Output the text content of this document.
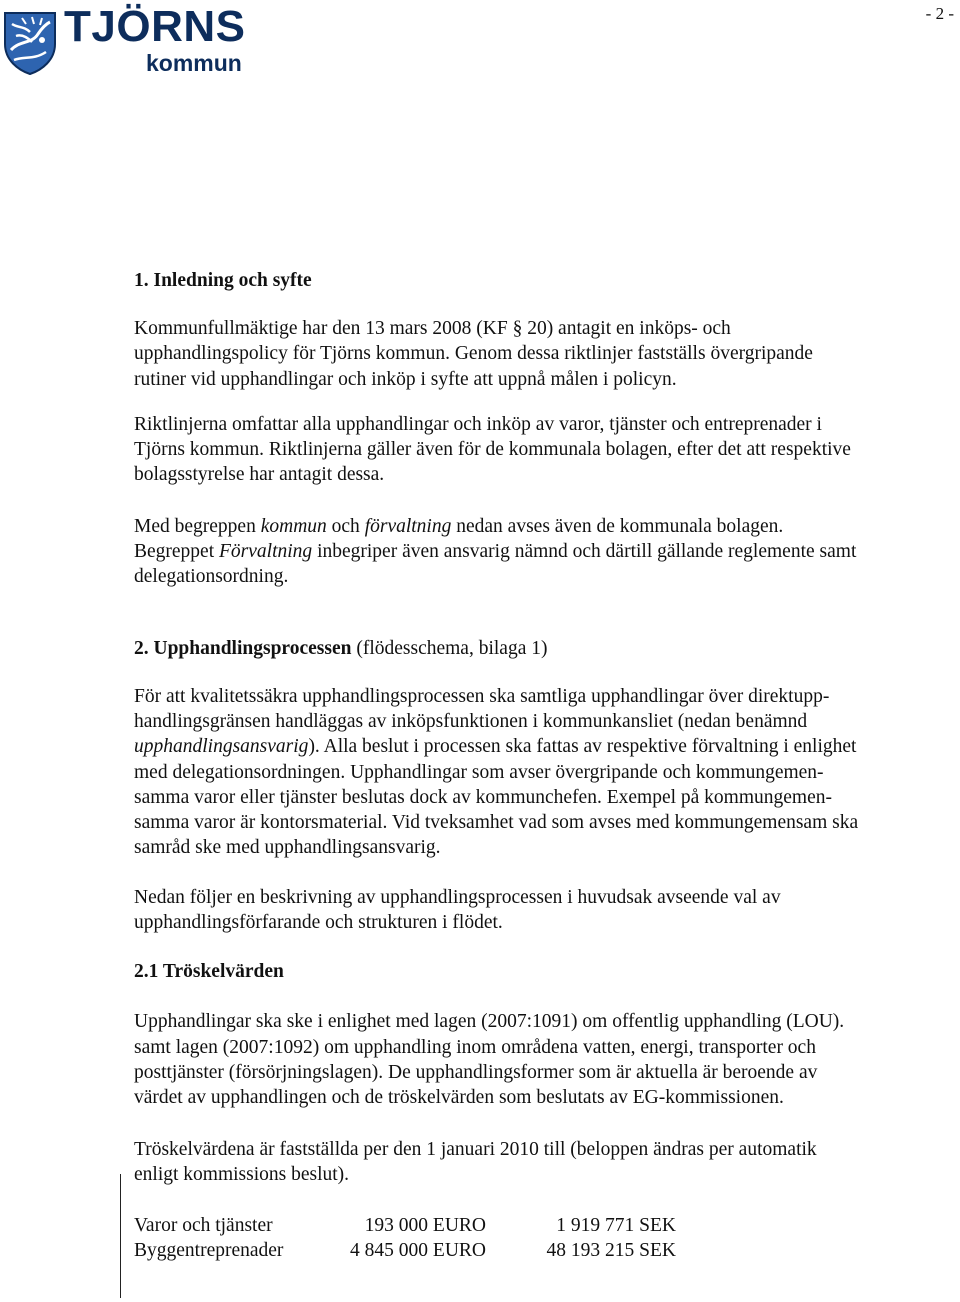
- 2 -
TJÖRNS
kommun
1. Inledning och syfte

Kommunfullmäktige har den 13 mars 2008 (KF § 20) antagit en inköps- och
upphandlingspolicy för Tjörns kommun. Genom dessa riktlinjer fastställs övergripande
rutiner vid upphandlingar och inköp i syfte att uppnå målen i policyn.

Riktlinjerna omfattar alla upphandlingar och inköp av varor, tjänster och entreprenader i
Tjörns kommun. Riktlinjerna gäller även för de kommunala bolagen, efter det att respektive
bolagsstyrelse har antagit dessa.

Med begreppen kommun och förvaltning nedan avses även de kommunala bolagen.
Begreppet Förvaltning inbegriper även ansvarig nämnd och därtill gällande reglemente samt
delegationsordning.

2. Upphandlingsprocessen (flödesschema, bilaga 1)

För att kvalitetssäkra upphandlingsprocessen ska samtliga upphandlingar över direktupp-
handlingsgränsen handläggas av inköpsfunktionen i kommunkansliet (nedan benämnd
upphandlingsansvarig). Alla beslut i processen ska fattas av respektive förvaltning i enlighet
med delegationsordningen. Upphandlingar som avser övergripande och kommungemen-
samma varor eller tjänster beslutas dock av kommunchefen. Exempel på kommungemen-
samma varor är kontorsmaterial. Vid tveksamhet vad som avses med kommungemensam ska
samråd ske med upphandlingsansvarig.

Nedan följer en beskrivning av upphandlingsprocessen i huvudsak avseende val av
upphandlingsförfarande och strukturen i flödet.

2.1 Tröskelvärden

Upphandlingar ska ske i enlighet med lagen (2007:1091) om offentlig upphandling (LOU).
samt lagen (2007:1092) om upphandling inom områdena vatten, energi, transporter och
posttjänster (försörjningslagen). De upphandlingsformer som är aktuella är beroende av
värdet av upphandlingen och de tröskelvärden som beslutats av EG-kommissionen.

Tröskelvärdena är fastställda per den 1 januari 2010 till (beloppen ändras per automatik
enligt kommissions beslut).

Varor och tjänster	193 000 EURO	1 919 771 SEK
Byggentreprenader	4 845 000 EURO	48 193 215 SEK
